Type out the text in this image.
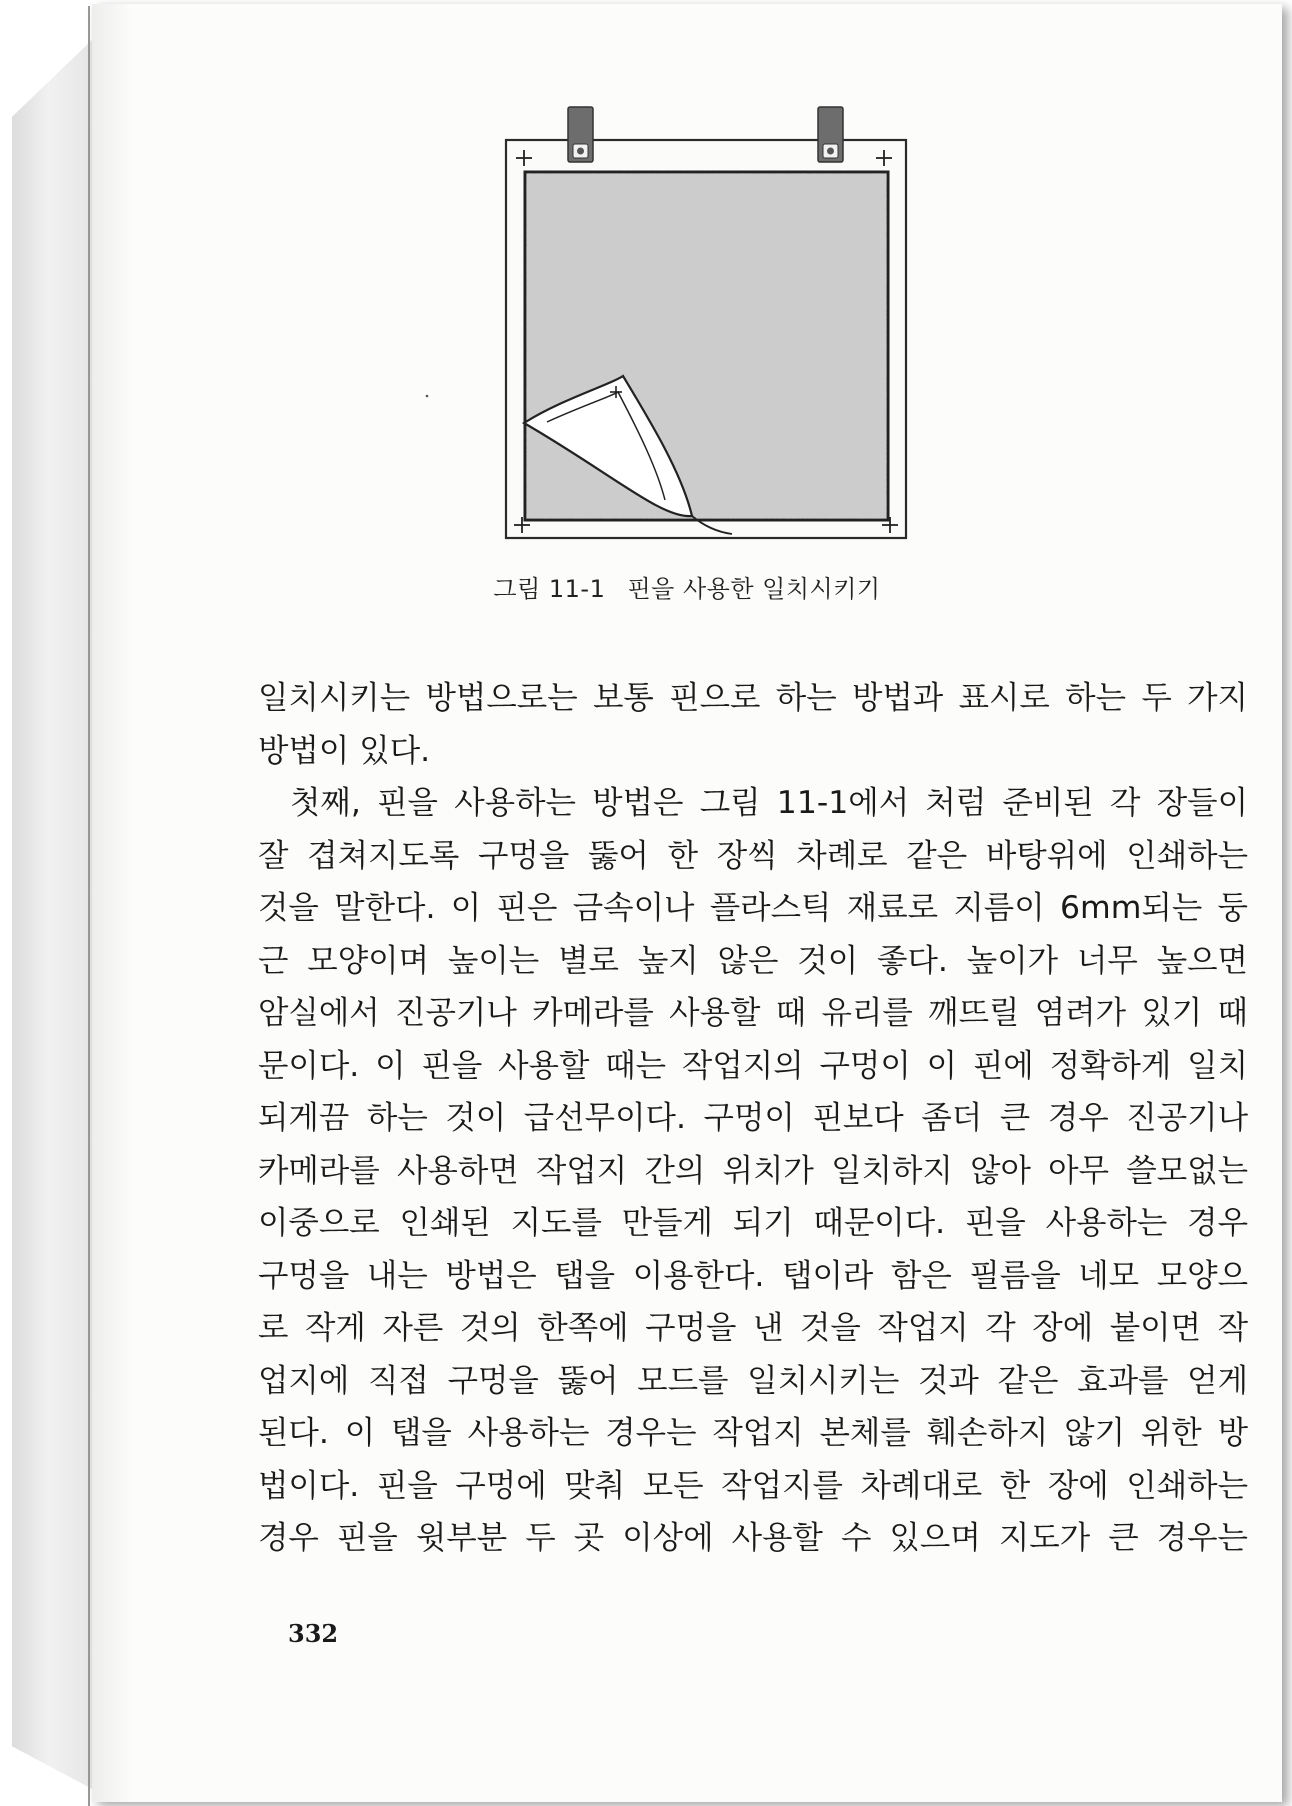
그림 11-1 핀을 사용한 일치시키기
일치시키는 방법으로는 보통 핀으로 하는 방법과 표시로 하는 두 가지
방법이 있다.
첫째, 핀을 사용하는 방법은 그림 11-1에서 처럼 준비된 각 장들이
잘 겹쳐지도록 구멍을 뚫어 한 장씩 차례로 같은 바탕위에 인쇄하는
것을 말한다. 이 핀은 금속이나 플라스틱 재료로 지름이 6mm되는 둥
근 모양이며 높이는 별로 높지 않은 것이 좋다. 높이가 너무 높으면
암실에서 진공기나 카메라를 사용할 때 유리를 깨뜨릴 염려가 있기 때
문이다. 이 핀을 사용할 때는 작업지의 구멍이 이 핀에 정확하게 일치
되게끔 하는 것이 급선무이다. 구멍이 핀보다 좀더 큰 경우 진공기나
카메라를 사용하면 작업지 간의 위치가 일치하지 않아 아무 쓸모없는
이중으로 인쇄된 지도를 만들게 되기 때문이다. 핀을 사용하는 경우
구멍을 내는 방법은 탭을 이용한다. 탭이라 함은 필름을 네모 모양으
로 작게 자른 것의 한쪽에 구멍을 낸 것을 작업지 각 장에 붙이면 작
업지에 직접 구멍을 뚫어 모드를 일치시키는 것과 같은 효과를 얻게
된다. 이 탭을 사용하는 경우는 작업지 본체를 훼손하지 않기 위한 방
법이다. 핀을 구멍에 맞춰 모든 작업지를 차례대로 한 장에 인쇄하는
경우 핀을 윗부분 두 곳 이상에 사용할 수 있으며 지도가 큰 경우는
332
